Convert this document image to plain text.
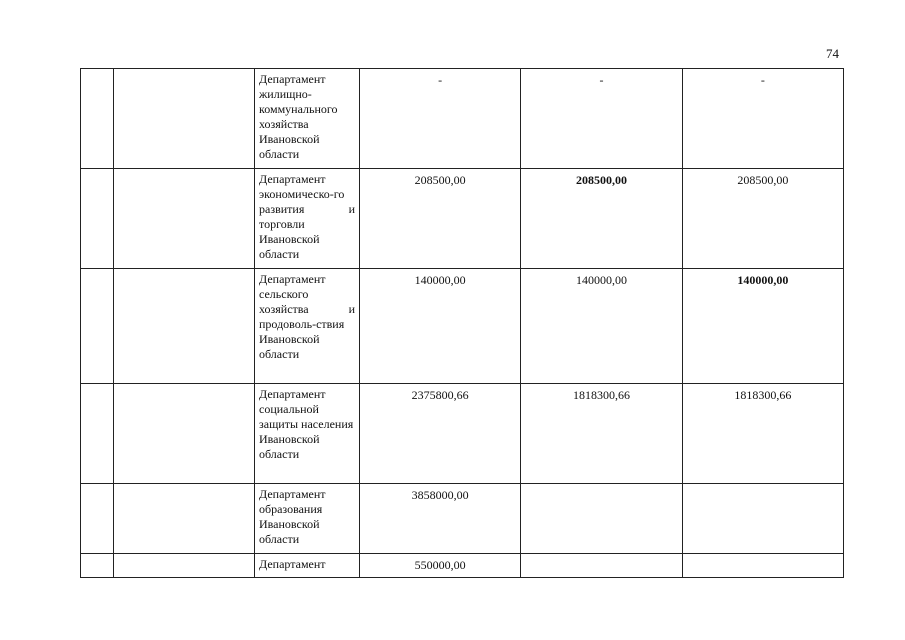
74
		Департамент жилищно-коммунального хозяйства Ивановской области	-	-	-
		Департамент экономическо-го развития и торговли Ивановской области	208500,00	208500,00	208500,00
		Департамент сельского хозяйства и продоволь-ствия Ивановской области	140000,00	140000,00	140000,00
		Департамент социальной защиты населения Ивановской области	2375800,66	1818300,66	1818300,66
		Департамент образования Ивановской области	3858000,00		
		Департамент	550000,00		
